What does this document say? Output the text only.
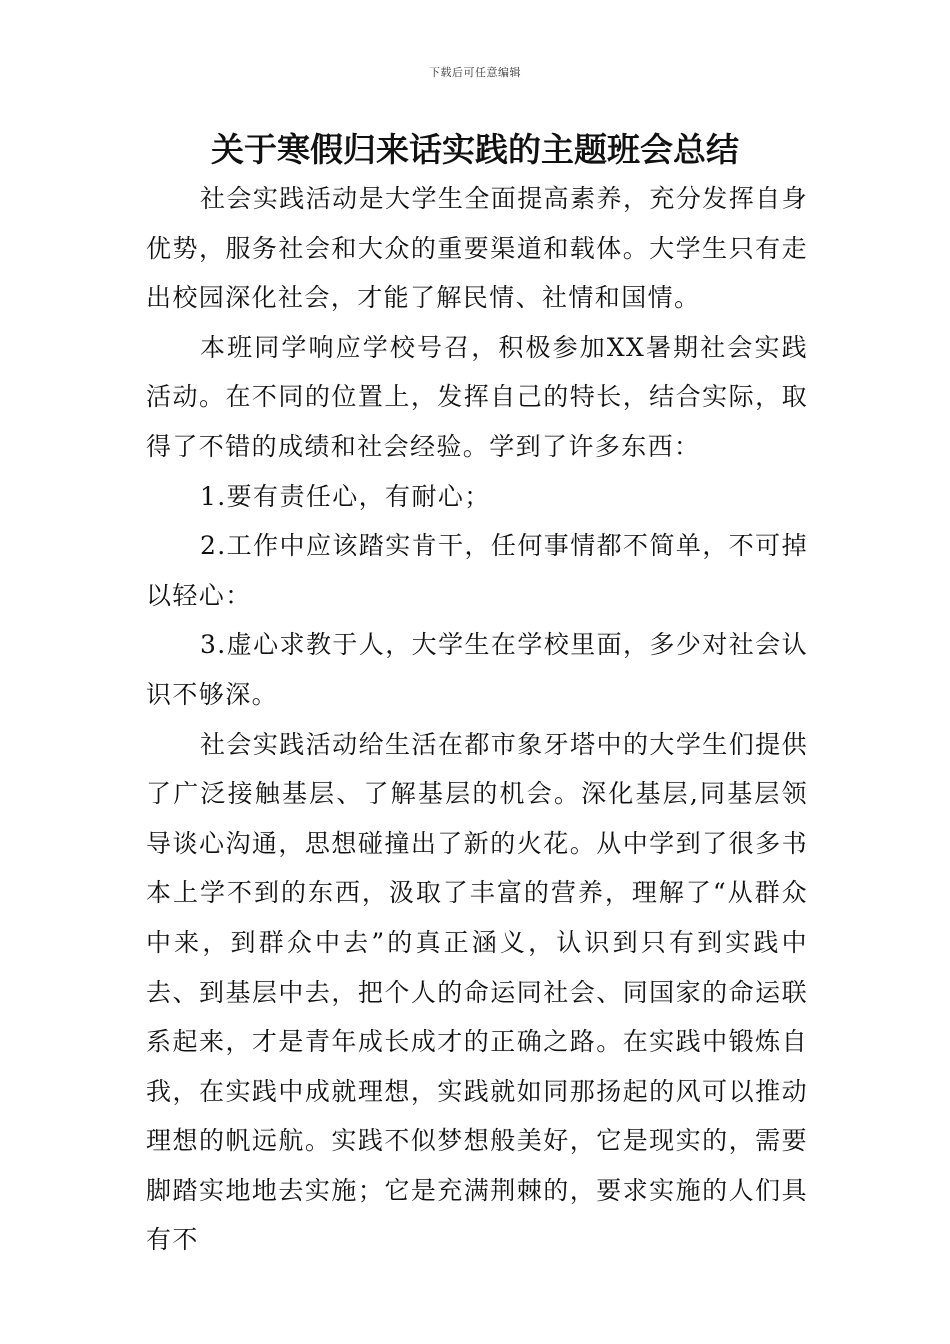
下载后可任意编辑
关于寒假归来话实践的主题班会总结

社会实践活动是大学生全面提高素养，充分发挥自身优势，服务社会和大众的重要渠道和载体。大学生只有走出校园深化社会，才能了解民情、社情和国情。

本班同学响应学校号召，积极参加XX暑期社会实践活动。在不同的位置上，发挥自己的特长，结合实际，取得了不错的成绩和社会经验。学到了许多东西：

1.要有责任心，有耐心；

2.工作中应该踏实肯干，任何事情都不简单，不可掉以轻心：

3.虚心求教于人，大学生在学校里面，多少对社会认识不够深。

社会实践活动给生活在都市象牙塔中的大学生们提供了广泛接触基层、了解基层的机会。深化基层,同基层领导谈心沟通，思想碰撞出了新的火花。从中学到了很多书本上学不到的东西，汲取了丰富的营养，理解了“从群众中来，到群众中去”的真正涵义，认识到只有到实践中去、到基层中去，把个人的命运同社会、同国家的命运联系起来，才是青年成长成才的正确之路。在实践中锻炼自我，在实践中成就理想，实践就如同那扬起的风可以推动理想的帆远航。实践不似梦想般美好，它是现实的，需要脚踏实地地去实施；它是充满荆棘的，要求实施的人们具有不
